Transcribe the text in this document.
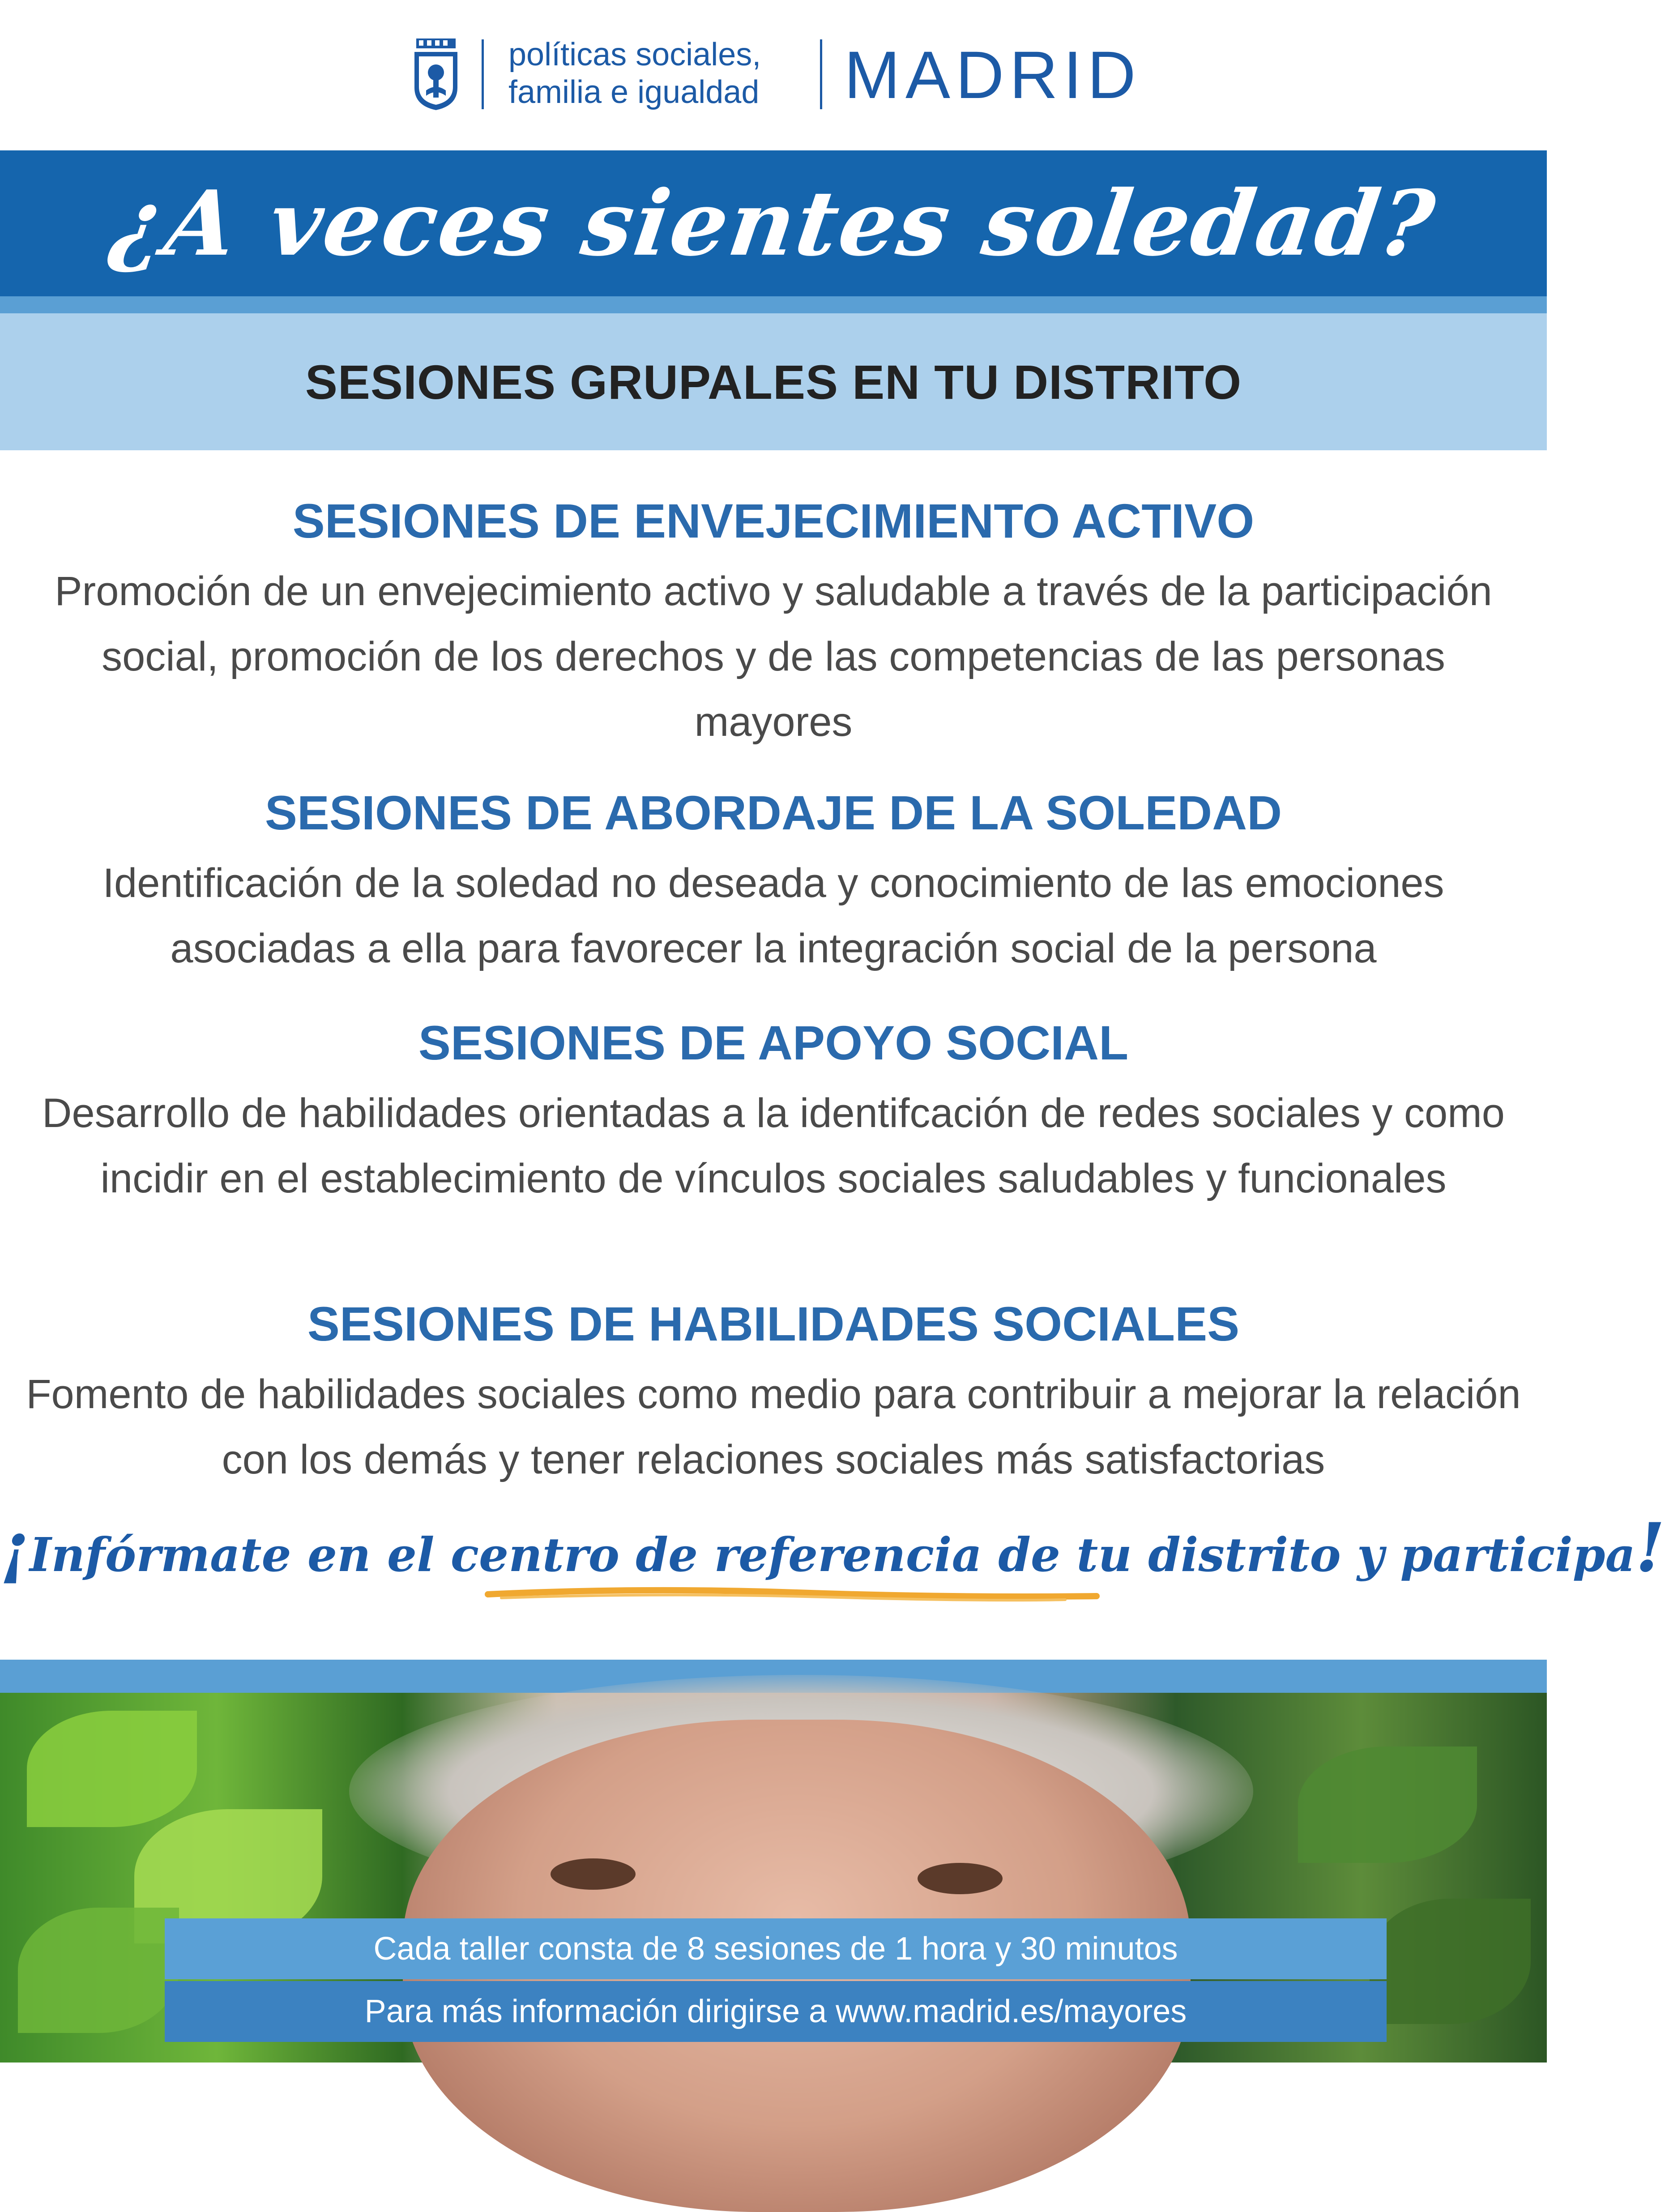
políticas sociales,
familia e igualdad MADRID
¿A veces sientes soledad?
SESIONES GRUPALES EN TU DISTRITO
SESIONES DE ENVEJECIMIENTO ACTIVO

Promoción de un envejecimiento activo y saludable a través de la participación social, promoción de los derechos y de las competencias de las personas mayores

SESIONES DE ABORDAJE DE LA SOLEDAD

Identificación de la soledad no deseada y conocimiento de las emociones asociadas a ella para favorecer la integración social de la persona

SESIONES DE APOYO SOCIAL

Desarrollo de habilidades orientadas a la identifcación de redes sociales y como incidir en el establecimiento de vínculos sociales saludables y funcionales

SESIONES DE HABILIDADES SOCIALES

Fomento de habilidades sociales como medio para contribuir a mejorar la relación con los demás y tener relaciones sociales más satisfactorias

¡Infórmate en el centro de referencia de tu distrito y participa!
Cada taller consta de 8 sesiones de 1 hora y 30 minutos
Para más información dirigirse a www.madrid.es/mayores
